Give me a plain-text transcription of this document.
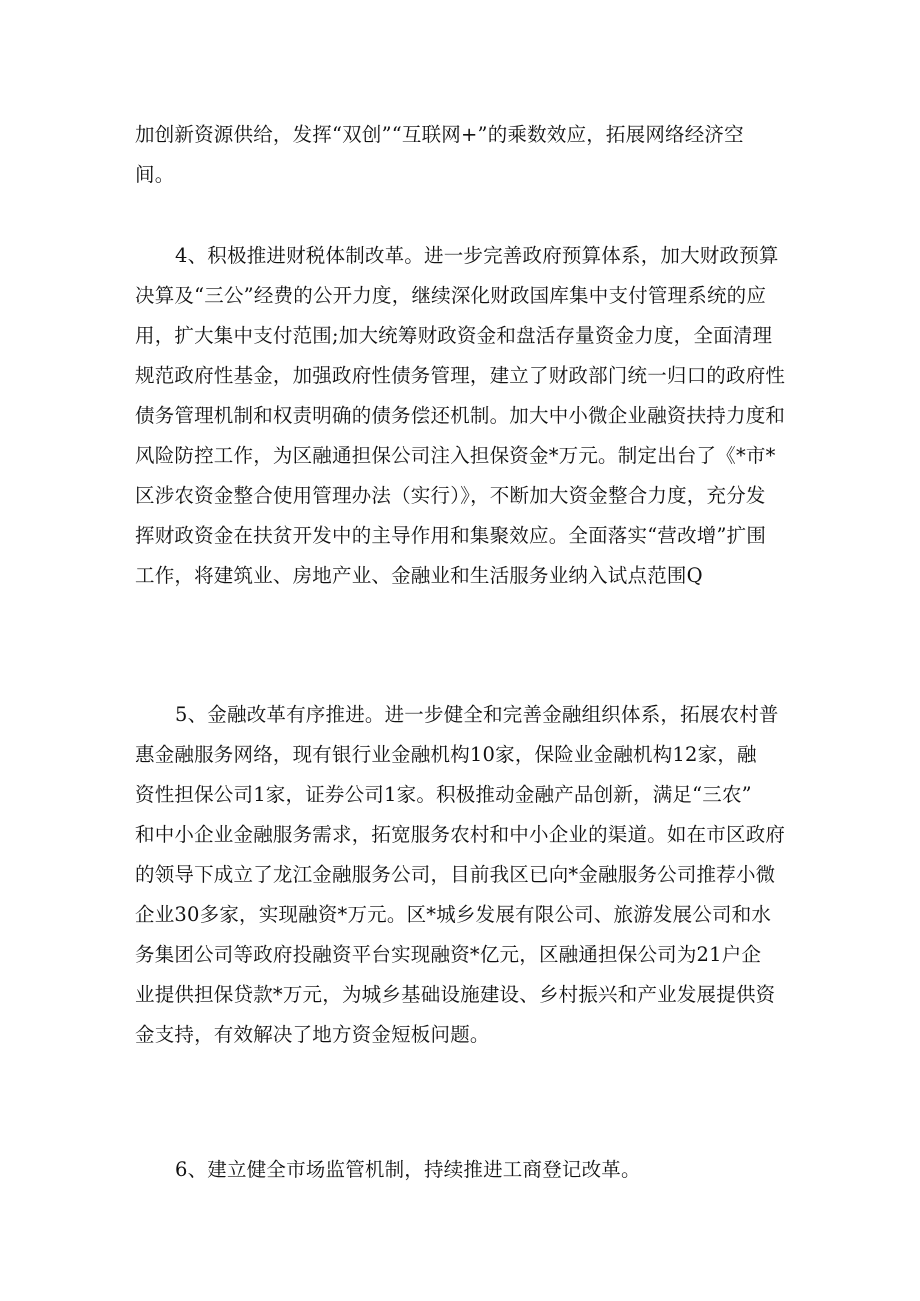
加创新资源供给，发挥“双创”“互联网+”的乘数效应，拓展网络经济空
间。
4、积极推进财税体制改革。进一步完善政府预算体系，加大财政预算
决算及“三公”经费的公开力度，继续深化财政国库集中支付管理系统的应
用，扩大集中支付范围;加大统筹财政资金和盘活存量资金力度，全面清理
规范政府性基金，加强政府性债务管理，建立了财政部门统一归口的政府性
债务管理机制和权责明确的债务偿还机制。加大中小微企业融资扶持力度和
风险防控工作，为区融通担保公司注入担保资金*万元。制定出台了《*市*
区涉农资金整合使用管理办法（实行）》，不断加大资金整合力度，充分发
挥财政资金在扶贫开发中的主导作用和集聚效应。全面落实“营改增”扩围
工作，将建筑业、房地产业、金融业和生活服务业纳入试点范围Q
5、金融改革有序推进。进一步健全和完善金融组织体系，拓展农村普
惠金融服务网络，现有银行业金融机构10家，保险业金融机构12家，融
资性担保公司1家，证券公司1家。积极推动金融产品创新，满足“三农”
和中小企业金融服务需求，拓宽服务农村和中小企业的渠道。如在市区政府
的领导下成立了龙江金融服务公司，目前我区已向*金融服务公司推荐小微
企业30多家，实现融资*万元。区*城乡发展有限公司、旅游发展公司和水
务集团公司等政府投融资平台实现融资*亿元，区融通担保公司为21户企
业提供担保贷款*万元，为城乡基础设施建设、乡村振兴和产业发展提供资
金支持，有效解决了地方资金短板问题。
6、建立健全市场监管机制，持续推进工商登记改革。
